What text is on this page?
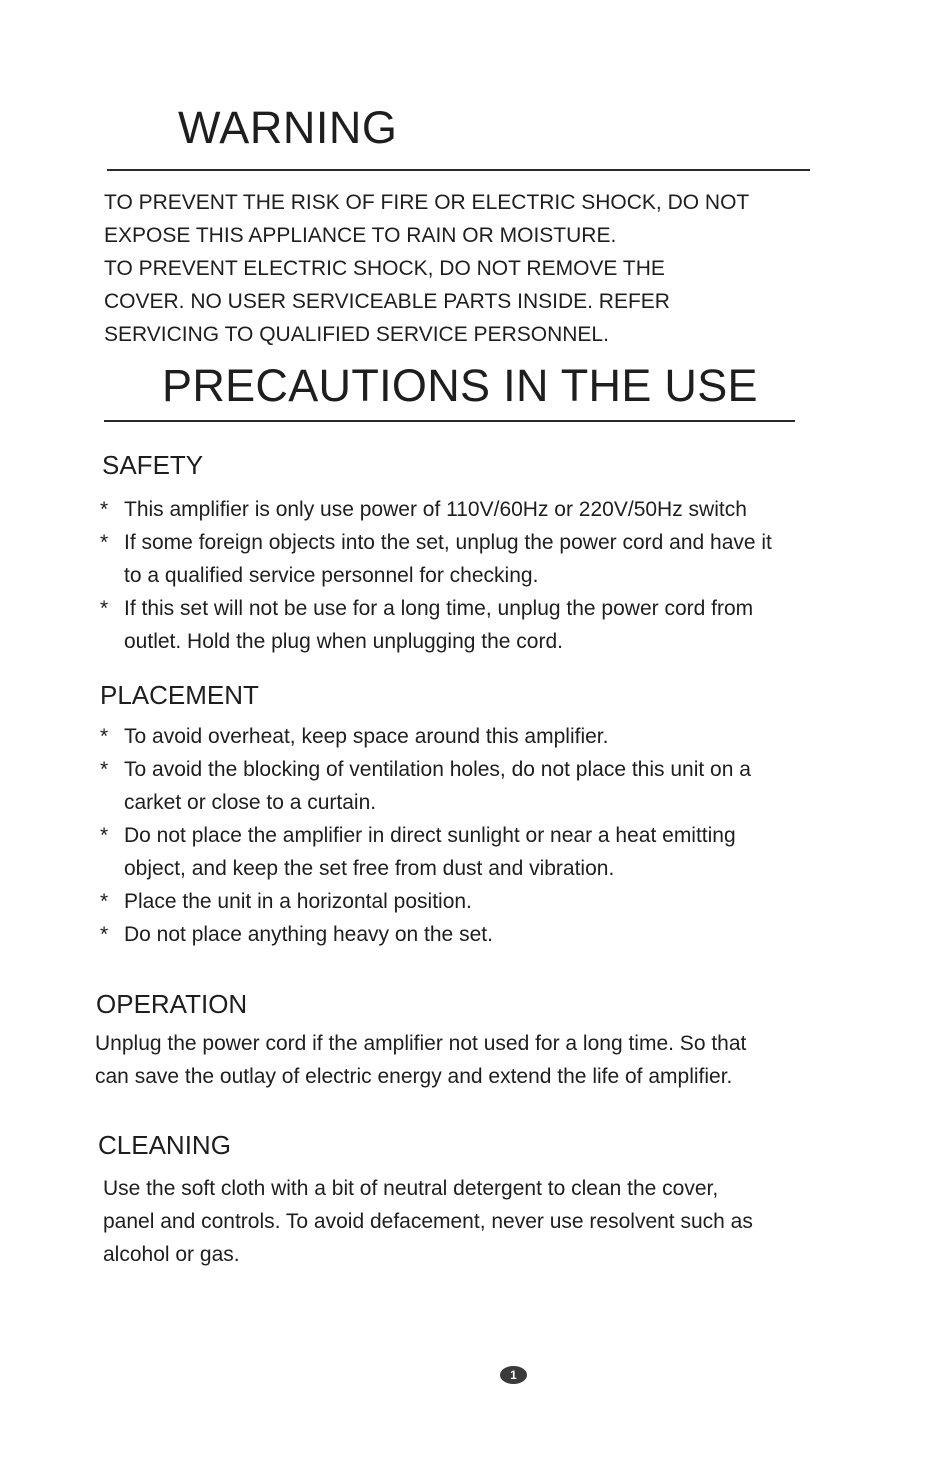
WARNING
TO PREVENT THE RISK OF FIRE OR ELECTRIC SHOCK, DO NOT
EXPOSE THIS APPLIANCE TO RAIN OR MOISTURE.
TO PREVENT ELECTRIC SHOCK, DO NOT REMOVE THE
COVER. NO USER SERVICEABLE PARTS INSIDE. REFER
SERVICING TO QUALIFIED SERVICE PERSONNEL.
PRECAUTIONS IN THE USE
SAFETY
* This amplifier is only use power of 110V/60Hz or 220V/50Hz switch
* If some foreign objects into the set, unplug the power cord and have it
to a qualified service personnel for checking.
* If this set will not be use for a long time, unplug the power cord from
outlet. Hold the plug when unplugging the cord.
PLACEMENT
* To avoid overheat, keep space around this amplifier.
* To avoid the blocking of ventilation holes, do not place this unit on a
carket or close to a curtain.
* Do not place the amplifier in direct sunlight or near a heat emitting
object, and keep the set free from dust and vibration.
* Place the unit in a horizontal position.
* Do not place anything heavy on the set.
OPERATION

Unplug the power cord if the amplifier not used for a long time. So that
can save the outlay of electric energy and extend the life of amplifier.

CLEANING

Use the soft cloth with a bit of neutral detergent to clean the cover,
panel and controls. To avoid defacement, never use resolvent such as
alcohol or gas.

1
